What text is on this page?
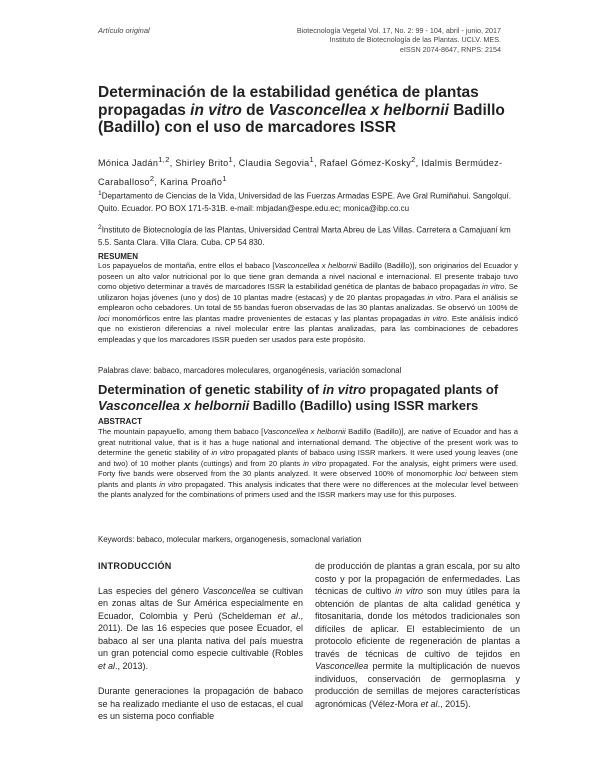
Artículo original	Biotecnología Vegetal Vol. 17, No. 2: 99 - 104, abril - junio, 2017
Instituto de Biotecnología de las Plantas. UCLV. MES.
eISSN 2074-8647, RNPS: 2154
Determinación de la estabilidad genética de plantas propagadas in vitro de Vasconcellea x helbornii Badillo (Badillo) con el uso de marcadores ISSR
Mónica Jadán$^{1,2}$, Shirley Brito$^1$, Claudia Segovia$^1$, Rafael Gómez-Kosky$^2$, Idalmis Bermúdez-Caraballoso$^2$, Karina Proaño$^1$
$^1$Departamento de Ciencias de la Vida, Universidad de las Fuerzas Armadas ESPE. Ave Gral Rumiñahui. Sangolquí. Quito. Ecuador. PO BOX 171-5-31B. e-mail: mbjadan@espe.edu.ec; monica@ibp.co.cu
$^2$Instituto de Biotecnología de las Plantas, Universidad Central Marta Abreu de Las Villas. Carretera a Camajuaní km 5.5. Santa Clara. Villa Clara. Cuba. CP 54 830.
RESUMEN
Los papayuelos de montaña, entre ellos el babaco [Vasconcellea x helbornii Badillo (Badillo)], son originarios del Ecuador y poseen un alto valor nutricional por lo que tiene gran demanda a nivel nacional e internacional. El presente trabajo tuvo como objetivo determinar a través de marcadores ISSR la estabilidad genética de plantas de babaco propagadas in vitro. Se utilizaron hojas jóvenes (uno y dos) de 10 plantas madre (estacas) y de 20 plantas propagadas in vitro. Para el análisis se emplearon ocho cebadores. Un total de 55 bandas fueron observadas de las 30 plantas analizadas. Se observó un 100% de loci monomórficos entre las plantas madre provenientes de estacas y las plantas propagadas in vitro. Este análisis indicó que no existieron diferencias a nivel molecular entre las plantas analizadas, para las combinaciones de cebadores empleadas y que los marcadores ISSR pueden ser usados para este propósito.
Palabras clave: babaco, marcadores moleculares, organogénesis, variación somaclonal
Determination of genetic stability of in vitro propagated plants of Vasconcellea x helbornii Badillo (Badillo) using ISSR markers
ABSTRACT
The mountain papayuello, among them babaco [Vasconcellea x helbornii Badillo (Badillo)], are native of Ecuador and has a great nutritional value, that is it has a huge national and international demand. The objective of the present work was to determine the genetic stability of in vitro propagated plants of babaco using ISSR markers. It were used young leaves (one and two) of 10 mother plants (cuttings) and from 20 plants in vitro propagated. For the analysis, eight primers were used. Forty five bands were observed from the 30 plants analyzed. It were observed 100% of monomorphic loci between stem plants and plants in vitro propagated. This analysis indicates that there were no differences at the molecular level between the plants analyzed for the combinations of primers used and the ISSR markers may use for this purposes.
Keywords: babaco, molecular markers, organogenesis, somaclonal variation
INTRODUCCIÓN

Las especies del género Vasconcellea se cultivan en zonas altas de Sur América especialmente en Ecuador, Colombia y Perú (Scheldeman et al., 2011). De las 16 especies que posee Ecuador, el babaco al ser una planta nativa del país muestra un gran potencial como especie cultivable (Robles et al., 2013).

Durante generaciones la propagación de babaco se ha realizado mediante el uso de estacas, el cual es un sistema poco confiable

de producción de plantas a gran escala, por su alto costo y por la propagación de enfermedades. Las técnicas de cultivo in vitro son muy útiles para la obtención de plantas de alta calidad genética y fitosanitaria, donde los métodos tradicionales son difíciles de aplicar. El establecimiento de un protocolo eficiente de regeneración de plantas a través de técnicas de cultivo de tejidos en Vasconcellea permite la multiplicación de nuevos individuos, conservación de germoplasma y producción de semillas de mejores características agronómicas (Vélez-Mora et al., 2015).
